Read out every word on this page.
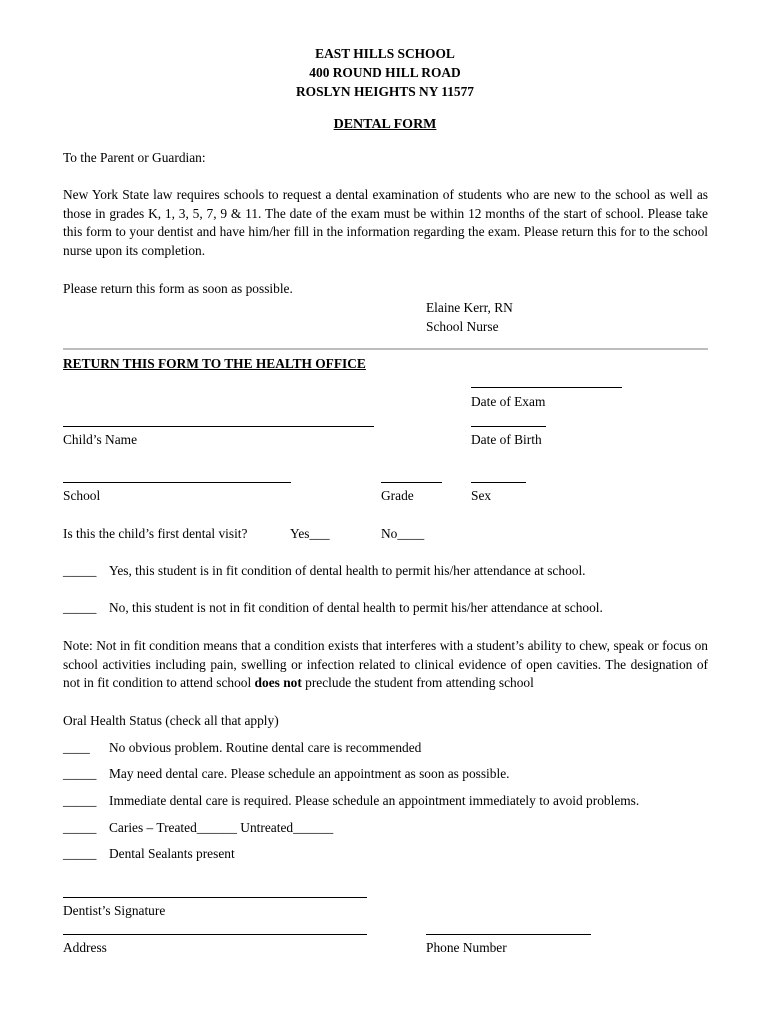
EAST HILLS SCHOOL
400 ROUND HILL ROAD
ROSLYN HEIGHTS NY 11577
DENTAL FORM
To the Parent or Guardian:
New York State law requires schools to request a dental examination of students who are new to the school as well as those in grades K, 1, 3, 5, 7, 9 & 11. The date of the exam must be within 12 months of the start of school. Please take this form to your dentist and have him/her fill in the information regarding the exam. Please return this for to the school nurse upon its completion.
Please return this form as soon as possible.
Elaine Kerr, RN
School Nurse
RETURN THIS FORM TO THE HEALTH OFFICE
Date of Exam
Child’s Name	Date of Birth
School	Grade	Sex
Is this the child’s first dental visit?	Yes___	No____
_____ Yes, this student is in fit condition of dental health to permit his/her attendance at school.
_____ No, this student is not in fit condition of dental health to permit his/her attendance at school.
Note: Not in fit condition means that a condition exists that interferes with a student’s ability to chew, speak or focus on school activities including pain, swelling or infection related to clinical evidence of open cavities. The designation of not in fit condition to attend school does not preclude the student from attending school
Oral Health Status (check all that apply)
____ No obvious problem. Routine dental care is recommended
_____ May need dental care. Please schedule an appointment as soon as possible.
_____ Immediate dental care is required. Please schedule an appointment immediately to avoid problems.
_____ Caries – Treated______ Untreated______
_____ Dental Sealants present
Dentist’s Signature
Address	Phone Number
